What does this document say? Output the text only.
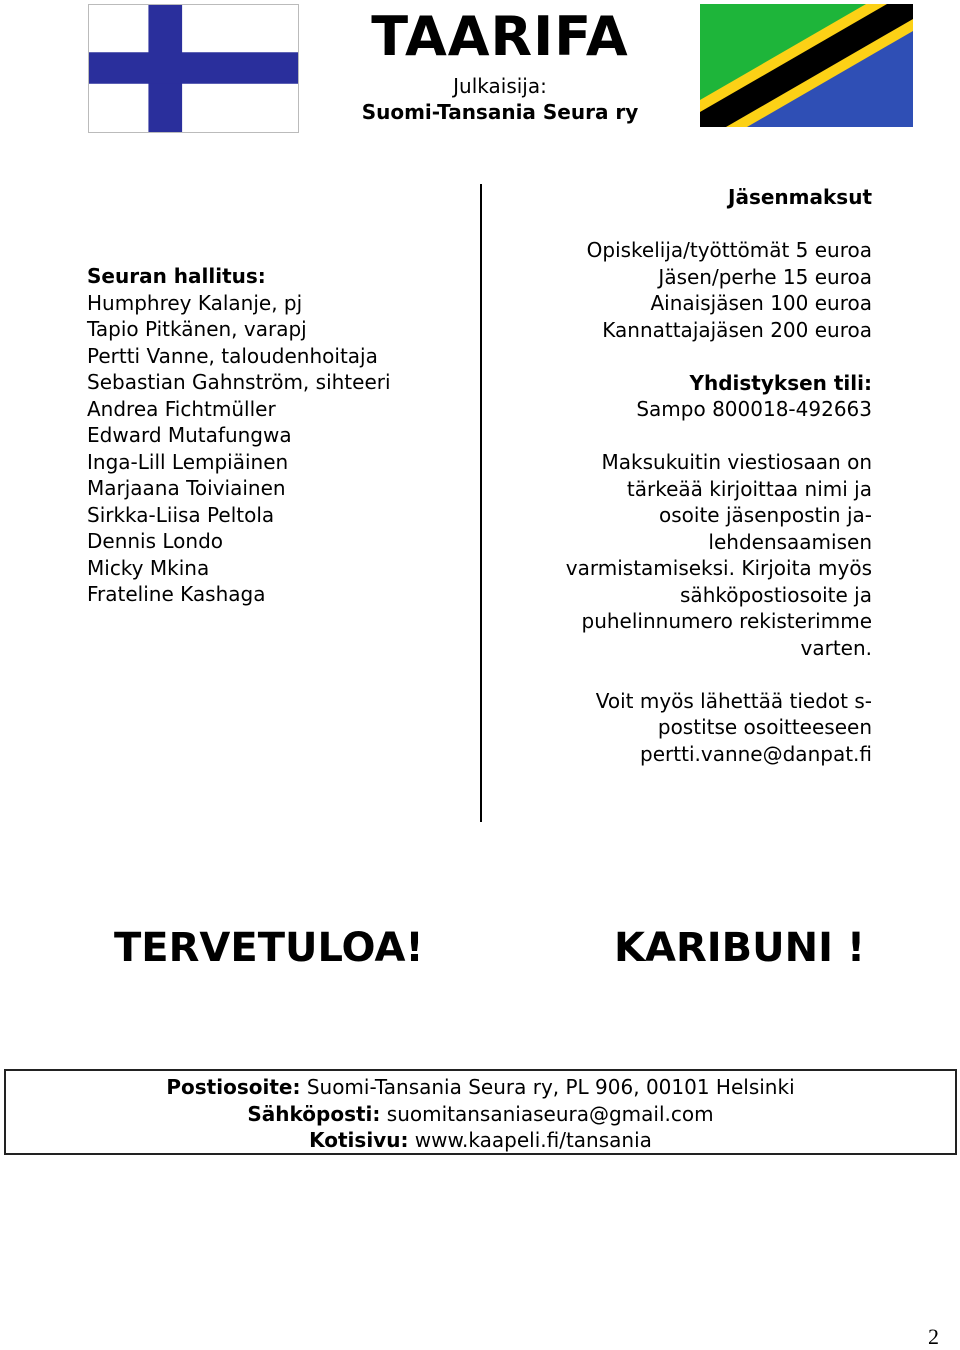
TAARIFA
Julkaisija:
Suomi-Tansania Seura ry
Seuran hallitus:
Humphrey Kalanje, pj
Tapio Pitkänen, varapj
Pertti Vanne, taloudenhoitaja
Sebastian Gahnström, sihteeri
Andrea Fichtmüller
Edward Mutafungwa
Inga-Lill Lempiäinen
Marjaana Toiviainen
Sirkka-Liisa Peltola
Dennis Londo
Micky Mkina
Frateline Kashaga
Jäsenmaksut
Opiskelija/työttömät 5 euroa
Jäsen/perhe 15 euroa
Ainaisjäsen 100 euroa
Kannattajajäsen 200 euroa
Yhdistyksen tili:
Sampo 800018-492663
Maksukuitin viestiosaan on
tärkeää kirjoittaa nimi ja
osoite jäsenpostin ja-
lehdensaamisen
varmistamiseksi. Kirjoita myös
sähköpostiosoite ja
puhelinnumero rekisterimme
varten.
Voit myös lähettää tiedot s-
postitse osoitteeseen
pertti.vanne@danpat.fi
TERVETULOA!	KARIBUNI !
Postiosoite: Suomi-Tansania Seura ry, PL 906, 00101 Helsinki
Sähköposti: suomitansaniaseura@gmail.com
Kotisivu: www.kaapeli.fi/tansania
2
